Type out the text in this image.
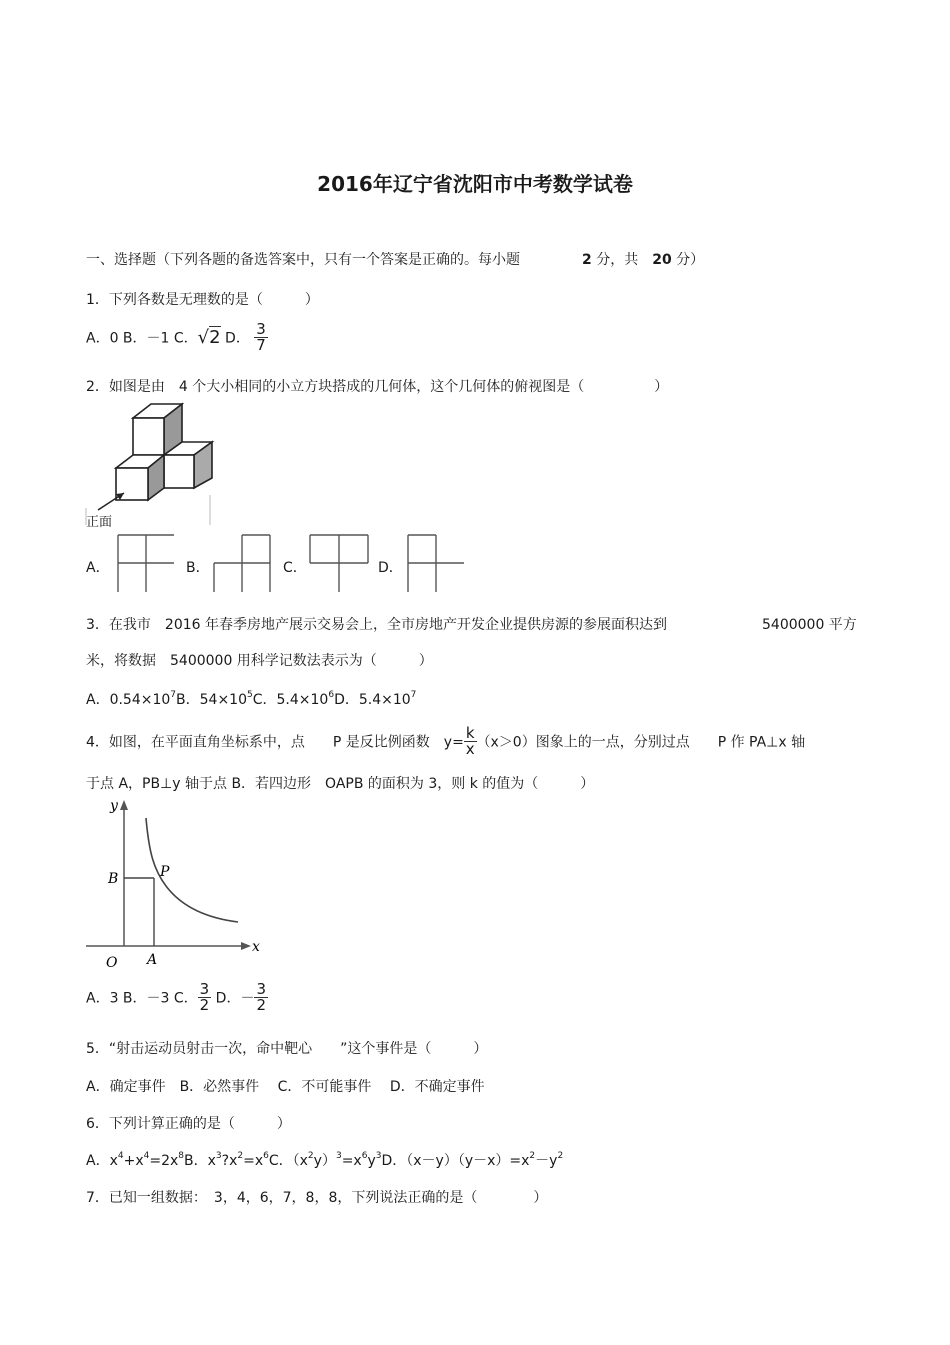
2016年辽宁省沈阳市中考数学试卷
一、选择题（下列各题的备选答案中，只有一个答案是正确的。每小题	2 分，共　 20 分）
1．下列各数是无理数的是（　　　）
A．0 B．－1 C．√2 D． $\frac{3}{7}$
2．如图是由　4 个大小相同的小立方块搭成的几何体，这个几何体的俯视图是（　　　　　）
正面
A．	B．	C．	D．
3．在我市　2016 年春季房地产展示交易会上，全市房地产开发企业提供房源的参展面积达到	5400000 平方
米，将数据　5400000 用科学记数法表示为（　　　）
A．$0.54\times 10^7B$．$54\times 10^5C$．$5.4\times 10^6D$．$5.4\times 10^7$
4．如图，在平面直角坐标系中，点　　P 是反比例函数　$y= \frac{k}{x} (x>0)$图象上的一点，分别过点　　P 作 PA⊥x 轴
于点 A，PB⊥y 轴于点 B．若四边形　OAPB 的面积为 3，则 k 的值为（　　　）
y
x
O A
B	P
A．3 B．－3 C． $\frac{3}{2}$ D．－ $\frac{3}{2}$
5．“射击运动员射击一次，命中靶心　　”这个事件是（　　　）
A．确定事件　B．必然事件　 C．不可能事件　 D．不确定事件
6．下列计算正确的是（　　　）
A．$x^4+x^4=2x^8B$．$x^3?x^2=x^6C$．$(x^2y)^3=x^6y^3D$．$(x-y)(y-x)=x^2-y^2$
7．已知一组数据：　3，4，6，7，8，8，下列说法正确的是（　　　　）
